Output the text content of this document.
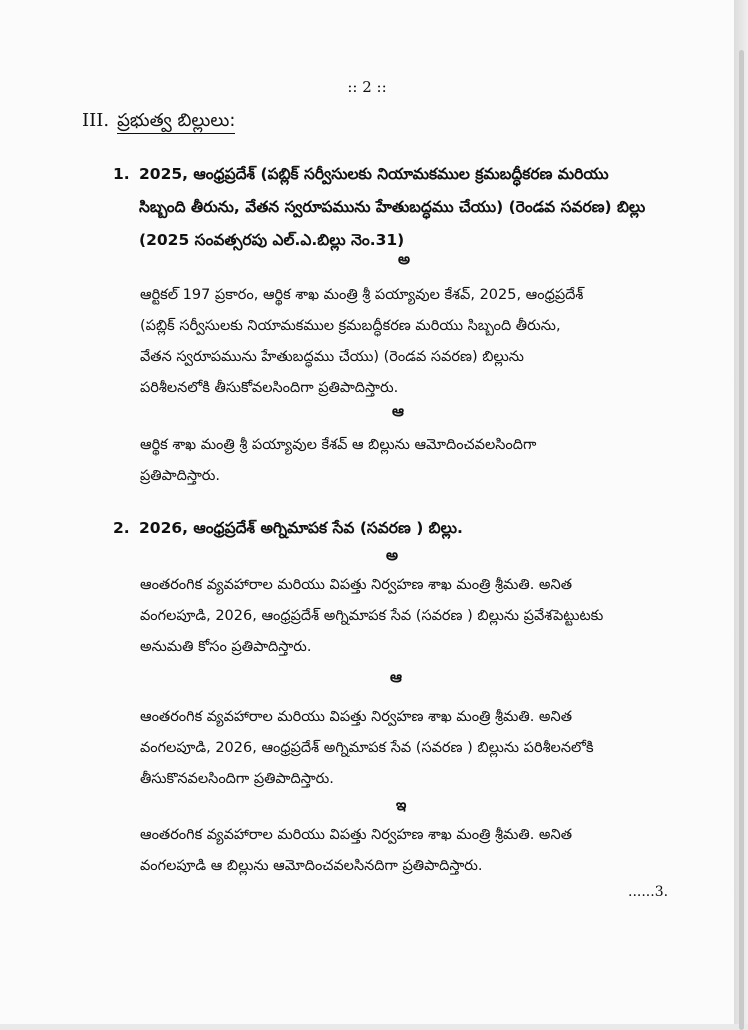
:: 2 ::
III. ప్రభుత్వ బిల్లులు:
1. 2025, ఆంధ్రప్రదేశ్ (పబ్లిక్ సర్వీసులకు నియామకముల క్రమబద్ధీకరణ మరియు
సిబ్బంది తీరును, వేతన స్వరూపమును హేతుబద్ధము చేయు) (రెండవ సవరణ) బిల్లు
(2025 సంవత్సరపు ఎల్.ఎ.బిల్లు నెం.31)
అ
ఆర్టికల్ 197 ప్రకారం, ఆర్థిక శాఖ మంత్రి శ్రీ పయ్యావుల కేశవ్, 2025, ఆంధ్రప్రదేశ్
(పబ్లిక్ సర్వీసులకు నియామకముల క్రమబద్ధీకరణ మరియు సిబ్బంది తీరును,
వేతన స్వరూపమును హేతుబద్ధము చేయు) (రెండవ సవరణ) బిల్లును
పరిశీలనలోకి తీసుకోవలసిందిగా ప్రతిపాదిస్తారు.
ఆ
ఆర్థిక శాఖ మంత్రి శ్రీ పయ్యావుల కేశవ్ ఆ బిల్లును ఆమోదించవలసిందిగా
ప్రతిపాదిస్తారు.
2. 2026, ఆంధ్రప్రదేశ్ అగ్నిమాపక సేవ (సవరణ ) బిల్లు.
అ
ఆంతరంగిక వ్యవహారాల మరియు విపత్తు నిర్వహణ శాఖ మంత్రి శ్రీమతి. అనిత
వంగలపూడి, 2026, ఆంధ్రప్రదేశ్ అగ్నిమాపక సేవ (సవరణ ) బిల్లును ప్రవేశపెట్టుటకు
అనుమతి కోసం ప్రతిపాదిస్తారు.
ఆ
ఆంతరంగిక వ్యవహారాల మరియు విపత్తు నిర్వహణ శాఖ మంత్రి శ్రీమతి. అనిత
వంగలపూడి, 2026, ఆంధ్రప్రదేశ్ అగ్నిమాపక సేవ (సవరణ ) బిల్లును పరిశీలనలోకి
తీసుకొనవలసిందిగా ప్రతిపాదిస్తారు.
ఇ
ఆంతరంగిక వ్యవహారాల మరియు విపత్తు నిర్వహణ శాఖ మంత్రి శ్రీమతి. అనిత
వంగలపూడి ఆ బిల్లును ఆమోదించవలసినదిగా ప్రతిపాదిస్తారు.
......3.
